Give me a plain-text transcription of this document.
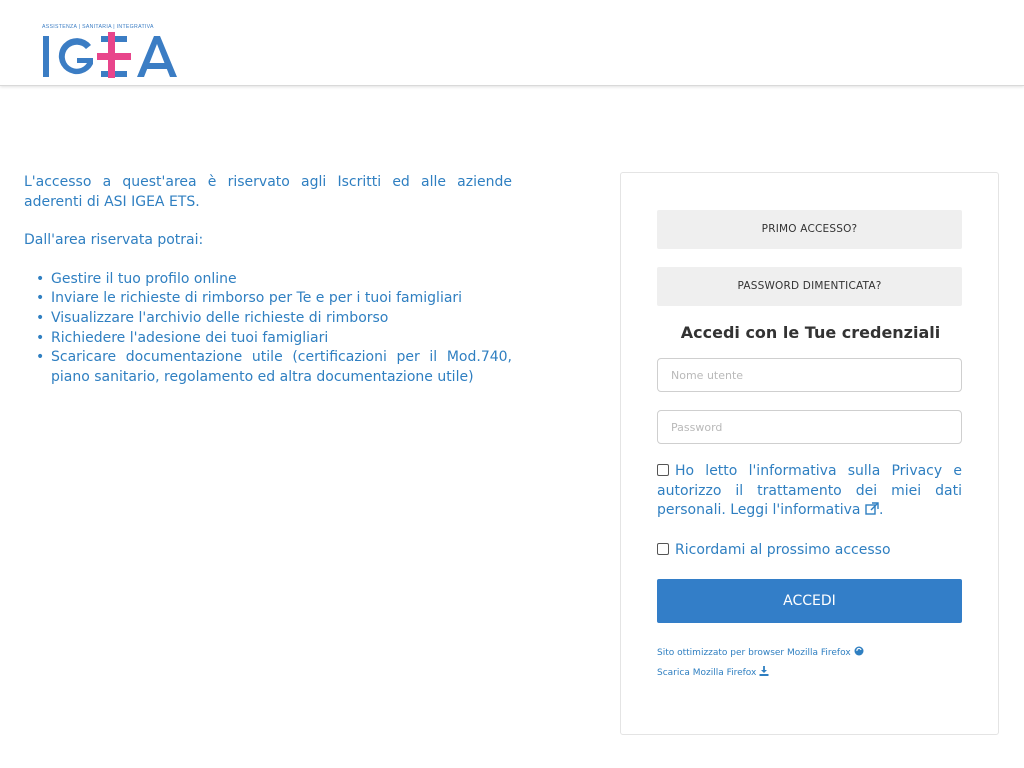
ASSISTENZA | SANITARIA | INTEGRATIVA

L'accesso a quest'area è riservato agli Iscritti ed alle aziende aderenti di ASI IGEA ETS.

Dall'area riservata potrai:

• Gestire il tuo profilo online
• Inviare le richieste di rimborso per Te e per i tuoi famigliari
• Visualizzare l'archivio delle richieste di rimborso
• Richiedere l'adesione dei tuoi famigliari
• Scaricare documentazione utile (certificazioni per il Mod.740, piano sanitario, regolamento ed altra documentazione utile)
PRIMO ACCESSO?
PASSWORD DIMENTICATA?
Accedi con le Tue credenziali
Nome utente
Ho letto l'informativa sulla Privacy e autorizzo il trattamento dei miei dati personali. Leggi l'informativa .
Ricordami al prossimo accesso
ACCEDI
Sito ottimizzato per browser Mozilla Firefox
Scarica Mozilla Firefox
